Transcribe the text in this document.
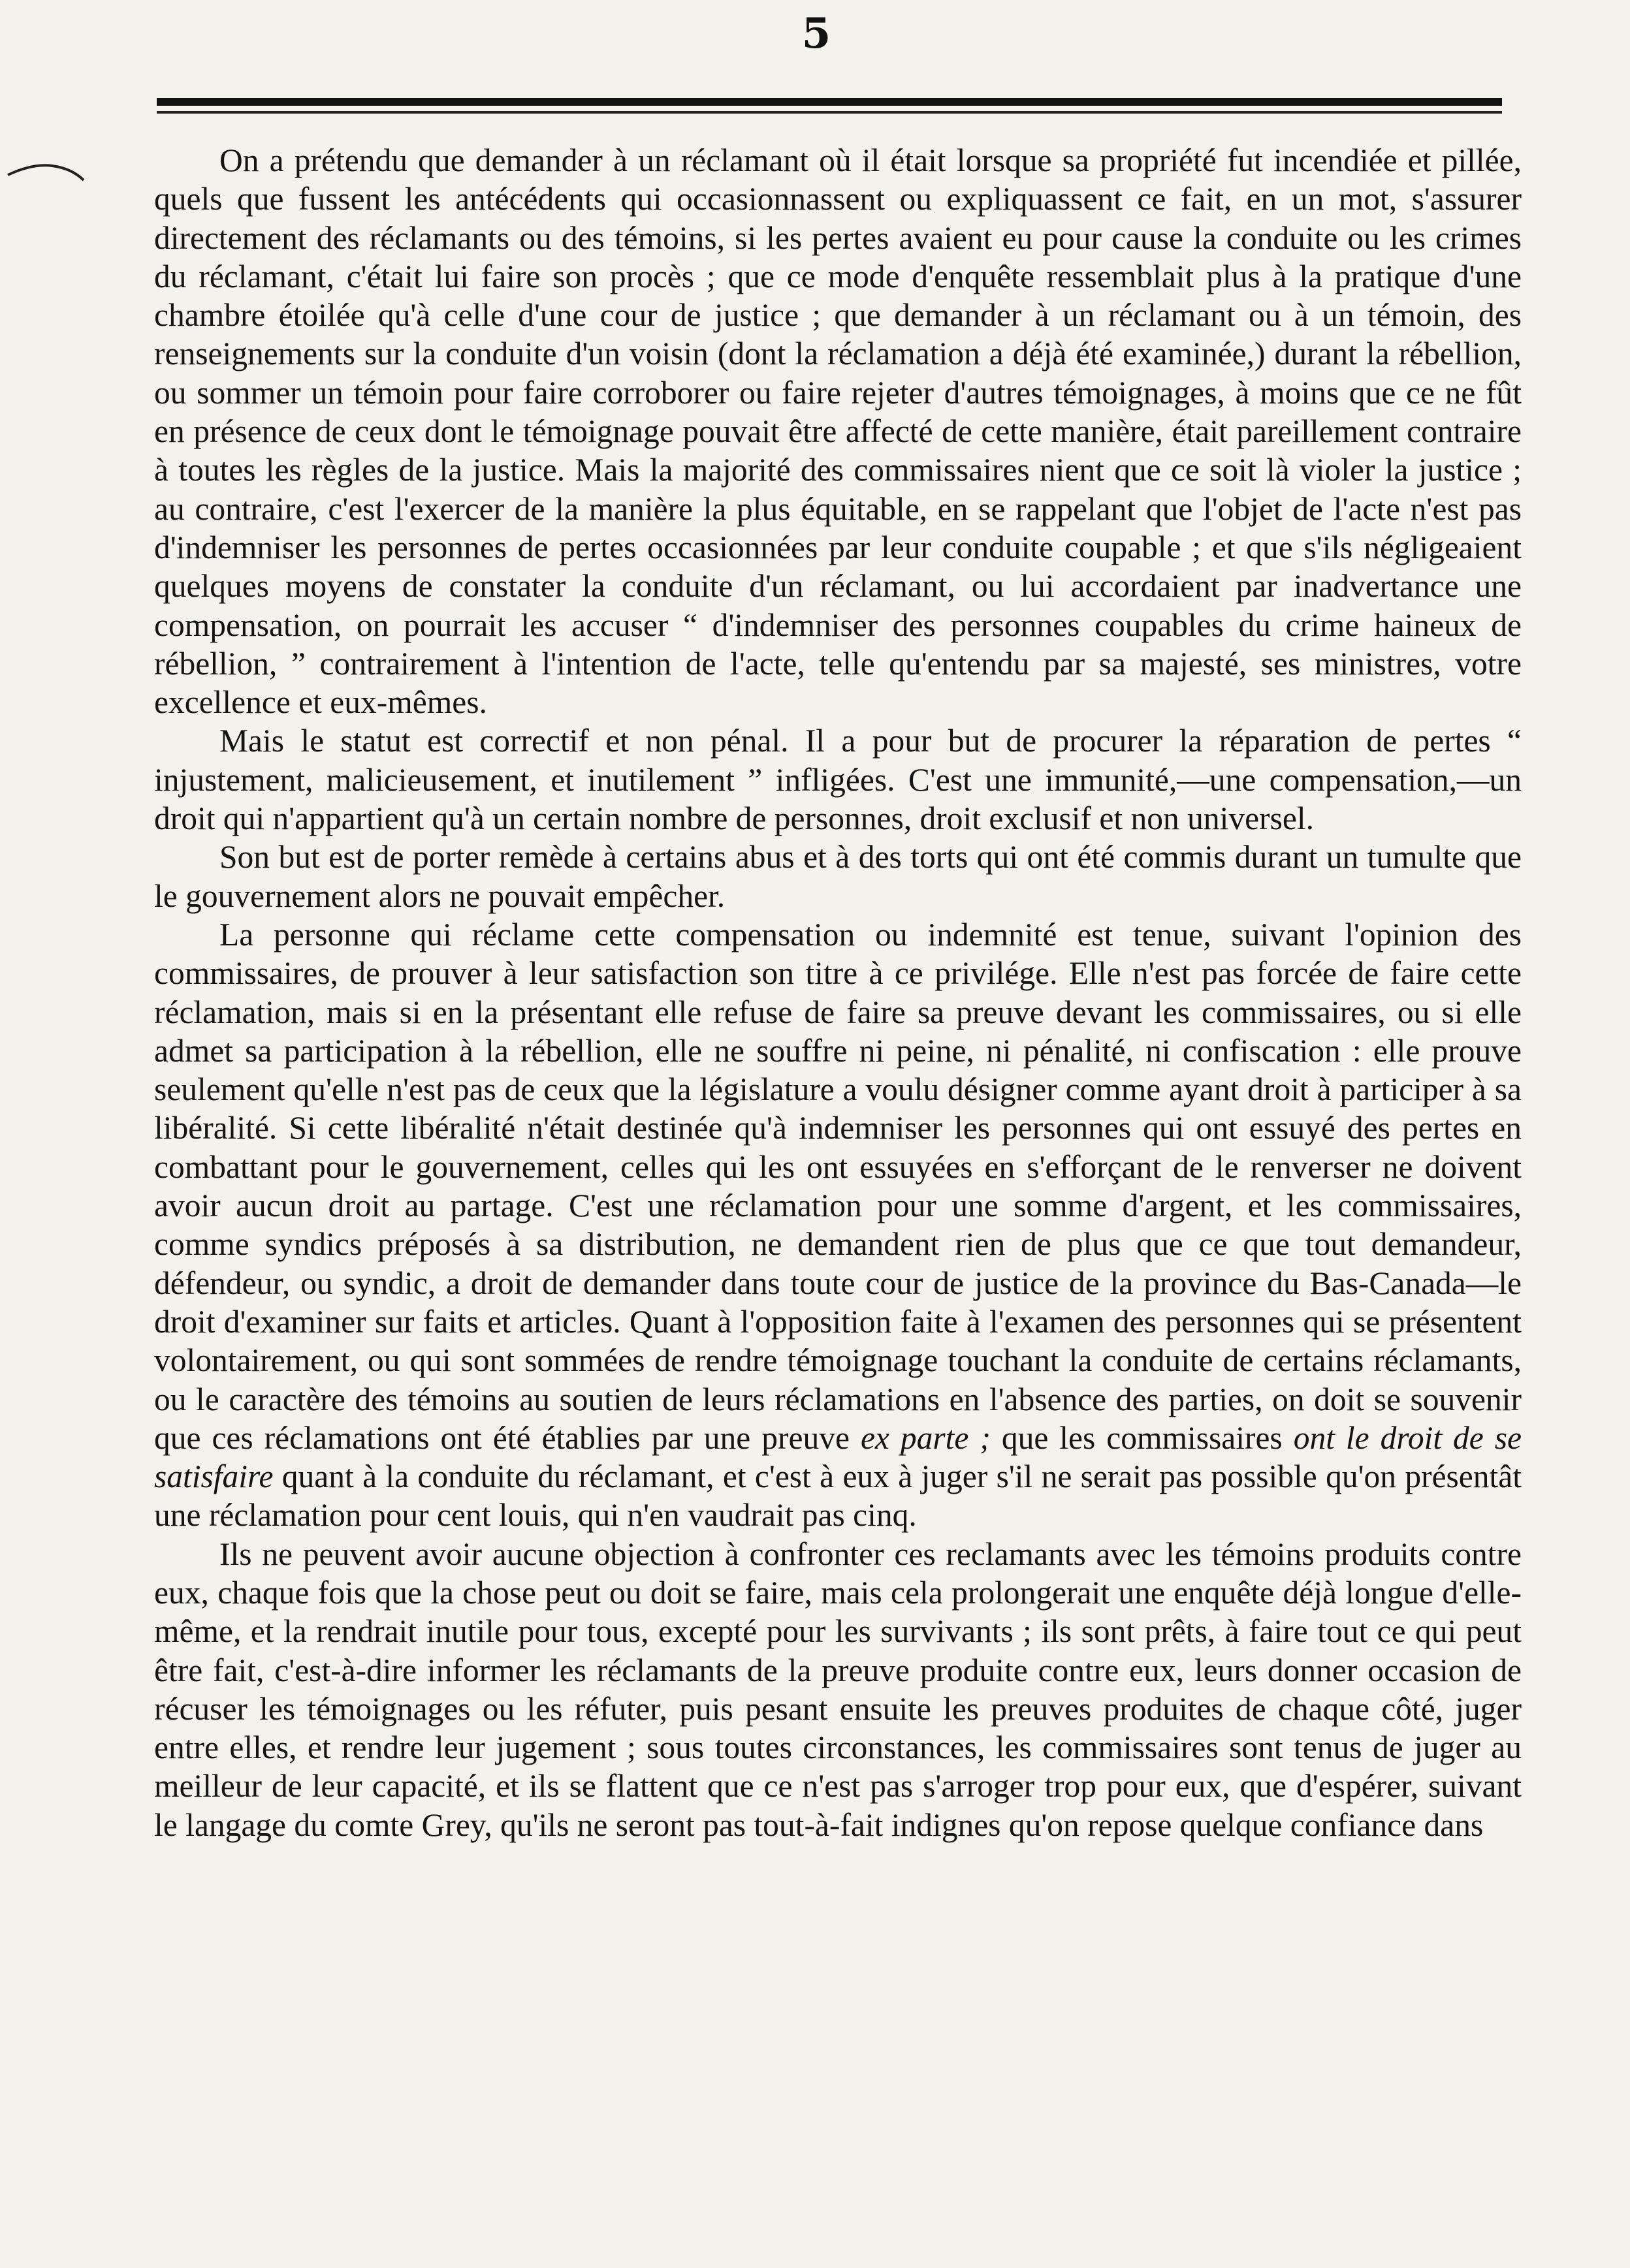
5

On a prétendu que demander à un réclamant où il était lorsque sa propriété fut incendiée et pillée, quels que fussent les antécédents qui occasionnassent ou expliquassent ce fait, en un mot, s'assurer directement des réclamants ou des témoins, si les pertes avaient eu pour cause la conduite ou les crimes du réclamant, c'était lui faire son procès ; que ce mode d'enquête ressemblait plus à la pratique d'une chambre étoilée qu'à celle d'une cour de justice ; que demander à un réclamant ou à un témoin, des renseignements sur la conduite d'un voisin (dont la réclamation a déjà été examinée,) durant la rébellion, ou sommer un témoin pour faire corroborer ou faire rejeter d'autres témoignages, à moins que ce ne fût en présence de ceux dont le témoignage pouvait être affecté de cette manière, était pareillement contraire à toutes les règles de la justice. Mais la majorité des commissaires nient que ce soit là violer la justice ; au contraire, c'est l'exercer de la manière la plus équitable, en se rappelant que l'objet de l'acte n'est pas d'indemniser les personnes de pertes occasionnées par leur conduite coupable ; et que s'ils négligeaient quelques moyens de constater la conduite d'un réclamant, ou lui accordaient par inadvertance une compensation, on pourrait les accuser “ d'indemniser des personnes coupables du crime haineux de rébellion, ” contrairement à l'intention de l'acte, telle qu'entendu par sa majesté, ses ministres, votre excellence et eux-mêmes.

Mais le statut est correctif et non pénal. Il a pour but de procurer la réparation de pertes “ injustement, malicieusement, et inutilement ” infligées. C'est une immunité,—une compensation,—un droit qui n'appartient qu'à un certain nombre de personnes, droit exclusif et non universel.

Son but est de porter remède à certains abus et à des torts qui ont été commis durant un tumulte que le gouvernement alors ne pouvait empêcher.

La personne qui réclame cette compensation ou indemnité est tenue, suivant l'opinion des commissaires, de prouver à leur satisfaction son titre à ce privilége. Elle n'est pas forcée de faire cette réclamation, mais si en la présentant elle refuse de faire sa preuve devant les commissaires, ou si elle admet sa participation à la rébellion, elle ne souffre ni peine, ni pénalité, ni confiscation : elle prouve seulement qu'elle n'est pas de ceux que la législature a voulu désigner comme ayant droit à participer à sa libéralité. Si cette libéralité n'était destinée qu'à indemniser les personnes qui ont essuyé des pertes en combattant pour le gouvernement, celles qui les ont essuyées en s'efforçant de le renverser ne doivent avoir aucun droit au partage. C'est une réclamation pour une somme d'argent, et les commissaires, comme syndics préposés à sa distribution, ne demandent rien de plus que ce que tout demandeur, défendeur, ou syndic, a droit de demander dans toute cour de justice de la province du Bas-Canada—le droit d'examiner sur faits et articles. Quant à l'opposition faite à l'examen des personnes qui se présentent volontairement, ou qui sont sommées de rendre témoignage touchant la conduite de certains réclamants, ou le caractère des témoins au soutien de leurs réclamations en l'absence des parties, on doit se souvenir que ces réclamations ont été établies par une preuve ex parte ; que les commissaires ont le droit de se satisfaire quant à la conduite du réclamant, et c'est à eux à juger s'il ne serait pas possible qu'on présentât une réclamation pour cent louis, qui n'en vaudrait pas cinq.

Ils ne peuvent avoir aucune objection à confronter ces reclamants avec les témoins produits contre eux, chaque fois que la chose peut ou doit se faire, mais cela prolongerait une enquête déjà longue d'elle-même, et la rendrait inutile pour tous, excepté pour les survivants ; ils sont prêts, à faire tout ce qui peut être fait, c'est-à-dire informer les réclamants de la preuve produite contre eux, leurs donner occasion de récuser les témoignages ou les réfuter, puis pesant ensuite les preuves produites de chaque côté, juger entre elles, et rendre leur jugement ; sous toutes circonstances, les commissaires sont tenus de juger au meilleur de leur capacité, et ils se flattent que ce n'est pas s'arroger trop pour eux, que d'espérer, suivant le langage du comte Grey, qu'ils ne seront pas tout-à-fait indignes qu'on repose quelque confiance dans
